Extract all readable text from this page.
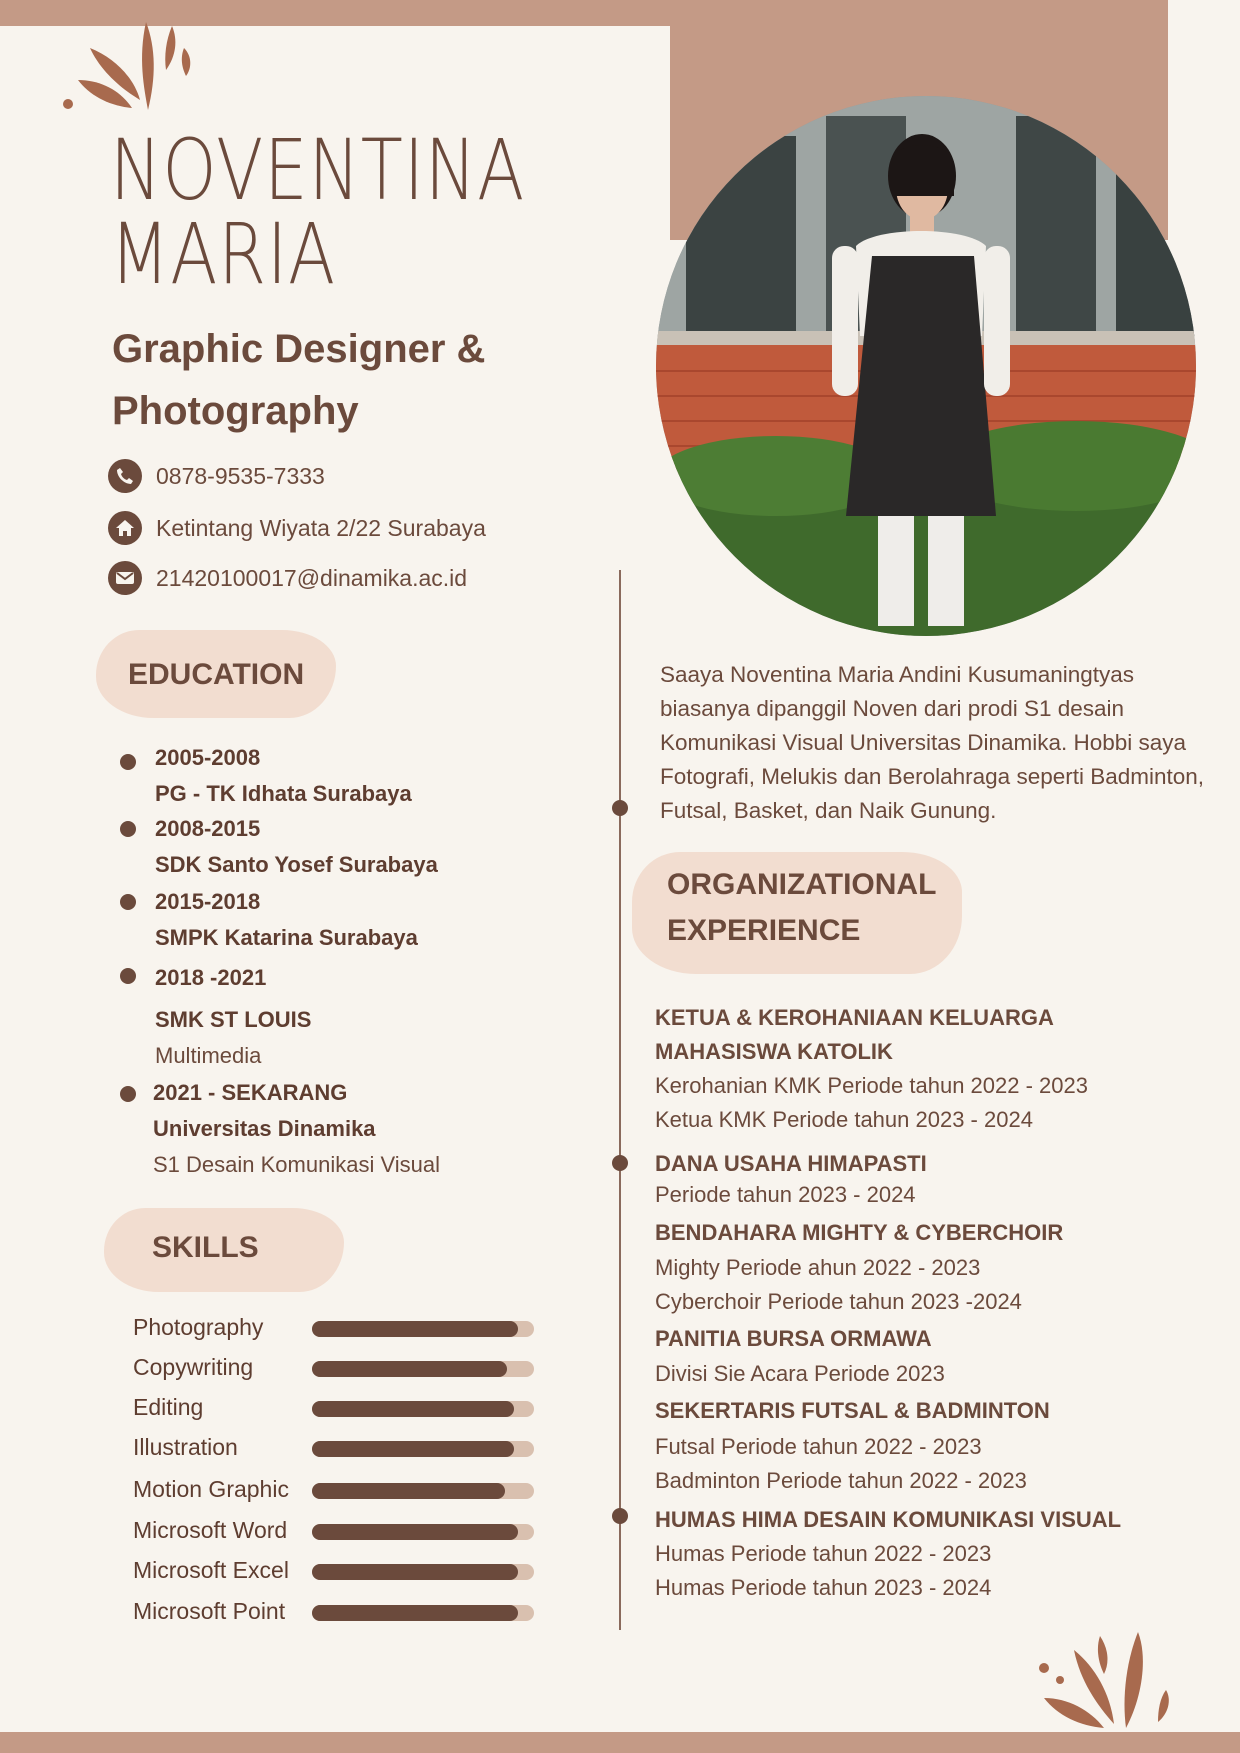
NOVENTINA
MARIA
Graphic Designer &
Photography
0878-9535-7333
Ketintang Wiyata 2/22 Surabaya
21420100017@dinamika.ac.id
EDUCATION
2005-2008
PG - TK Idhata Surabaya
2008-2015
SDK Santo Yosef Surabaya
2015-2018
SMPK Katarina Surabaya
2018 -2021
SMK ST LOUIS
Multimedia
2021 - SEKARANG
Universitas Dinamika
S1 Desain Komunikasi Visual
SKILLS
Photography
Copywriting
Editing
Illustration
Motion Graphic
Microsoft Word
Microsoft Excel
Microsoft Point

Saaya Noventina Maria Andini Kusumaningtyas biasanya dipanggil Noven dari prodi S1 desain Komunikasi Visual Universitas Dinamika. Hobbi saya Fotografi, Melukis dan Berolahraga seperti Badminton, Futsal, Basket, dan Naik Gunung.

ORGANIZATIONAL
EXPERIENCE
KETUA & KEROHANIAAN KELUARGA
MAHASISWA KATOLIK
Kerohanian KMK Periode tahun 2022 - 2023
Ketua KMK Periode tahun 2023 - 2024
DANA USAHA HIMAPASTI
Periode tahun 2023 - 2024
BENDAHARA MIGHTY & CYBERCHOIR
Mighty Periode ahun 2022 - 2023
Cyberchoir Periode tahun 2023 -2024
PANITIA BURSA ORMAWA
Divisi Sie Acara Periode 2023
SEKERTARIS FUTSAL & BADMINTON
Futsal Periode tahun 2022 - 2023
Badminton Periode tahun 2022 - 2023
HUMAS HIMA DESAIN KOMUNIKASI VISUAL
Humas Periode tahun 2022 - 2023
Humas Periode tahun 2023 - 2024
